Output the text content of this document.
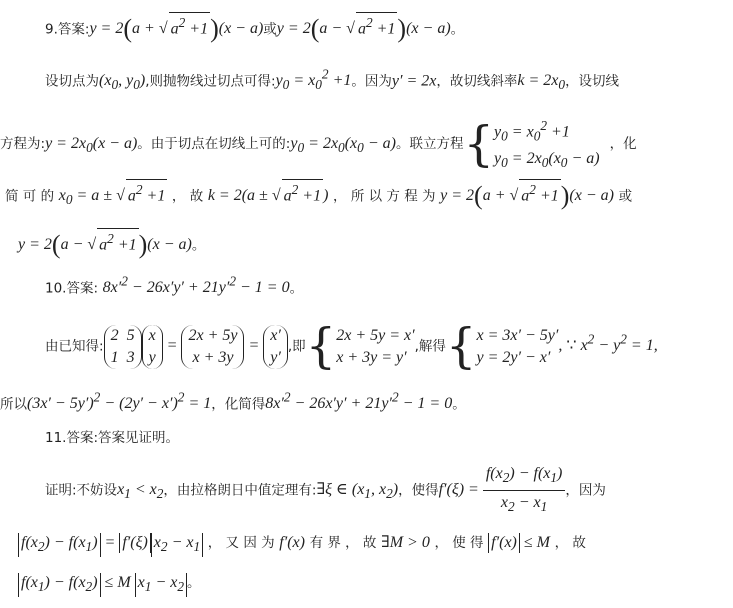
9.答案:y = 2(a + √ $a^2 +1)(x - a)$或y = 2(a − √ $a^2 +1)(x - a)$。
设切点为($x_0$, $y_0$),则抛物线过切点可得$:y_0 = x_0^2 +1$。因为y′ = 2x，故切线斜率$k = 2x_0$，设切线
方程为:y = $2x_0(x - a)$。由于切点在切线上可的$:y_0 = 2x_0(x_0 - a)$。联立方程{ $y_0 = x_0^2 +1$
$y_0 = 2x_0(x_0 - a)$
，化
简 可 的 $x_0 = a$ ± √ $a^2 +1$ ， 故 k = 2(a ± √ $a^2 +1$ ) ， 所 以 方 程 为 y = 2(a + √ $a^2 +1)(x - a)$ 或
y = 2(a − √ $a^2 +1)(x - a)$。
10.答案: $8x'^2 - 26x'y' + 21y'^2 - 1 = 0$。
由已知得:
2  5
1  3
x
y
=
2x + 5y
x + 3y
=
x′
y′
,即{ 2x + 5y = x′
x + 3y = y′
,解得{ x = 3x′ − 5y′
y = 2y′ − x′
, ∵ $x^2 - y^2 = 1$,
所以$(3x' - 5y')^2 - (2y' - x')^2 = 1$，化简得$8x'^2 - 26x'y' + 21y'^2 - 1 = 0$。
11.答案:答案见证明。
证明:不妨设$x_1 < x_2$，由拉格朗日中值定理有:∃ξ ∈ ($x_1$, $x_2$)，使得$f'(\xi) = \frac{f(x_2) - f(x_1)}{x_2 - x_1}$ ，因为
$f(x_2) - f(x_1) = f'(\xi) x_2 - x_1$ ， 又 因 为 f′(x) 有 界 ， 故 ∃M > 0 ， 使 得 f′(x) ≤ M ， 故
$f(x_1) - f(x_2) \le M$ $x_1 - x_2$ 。
